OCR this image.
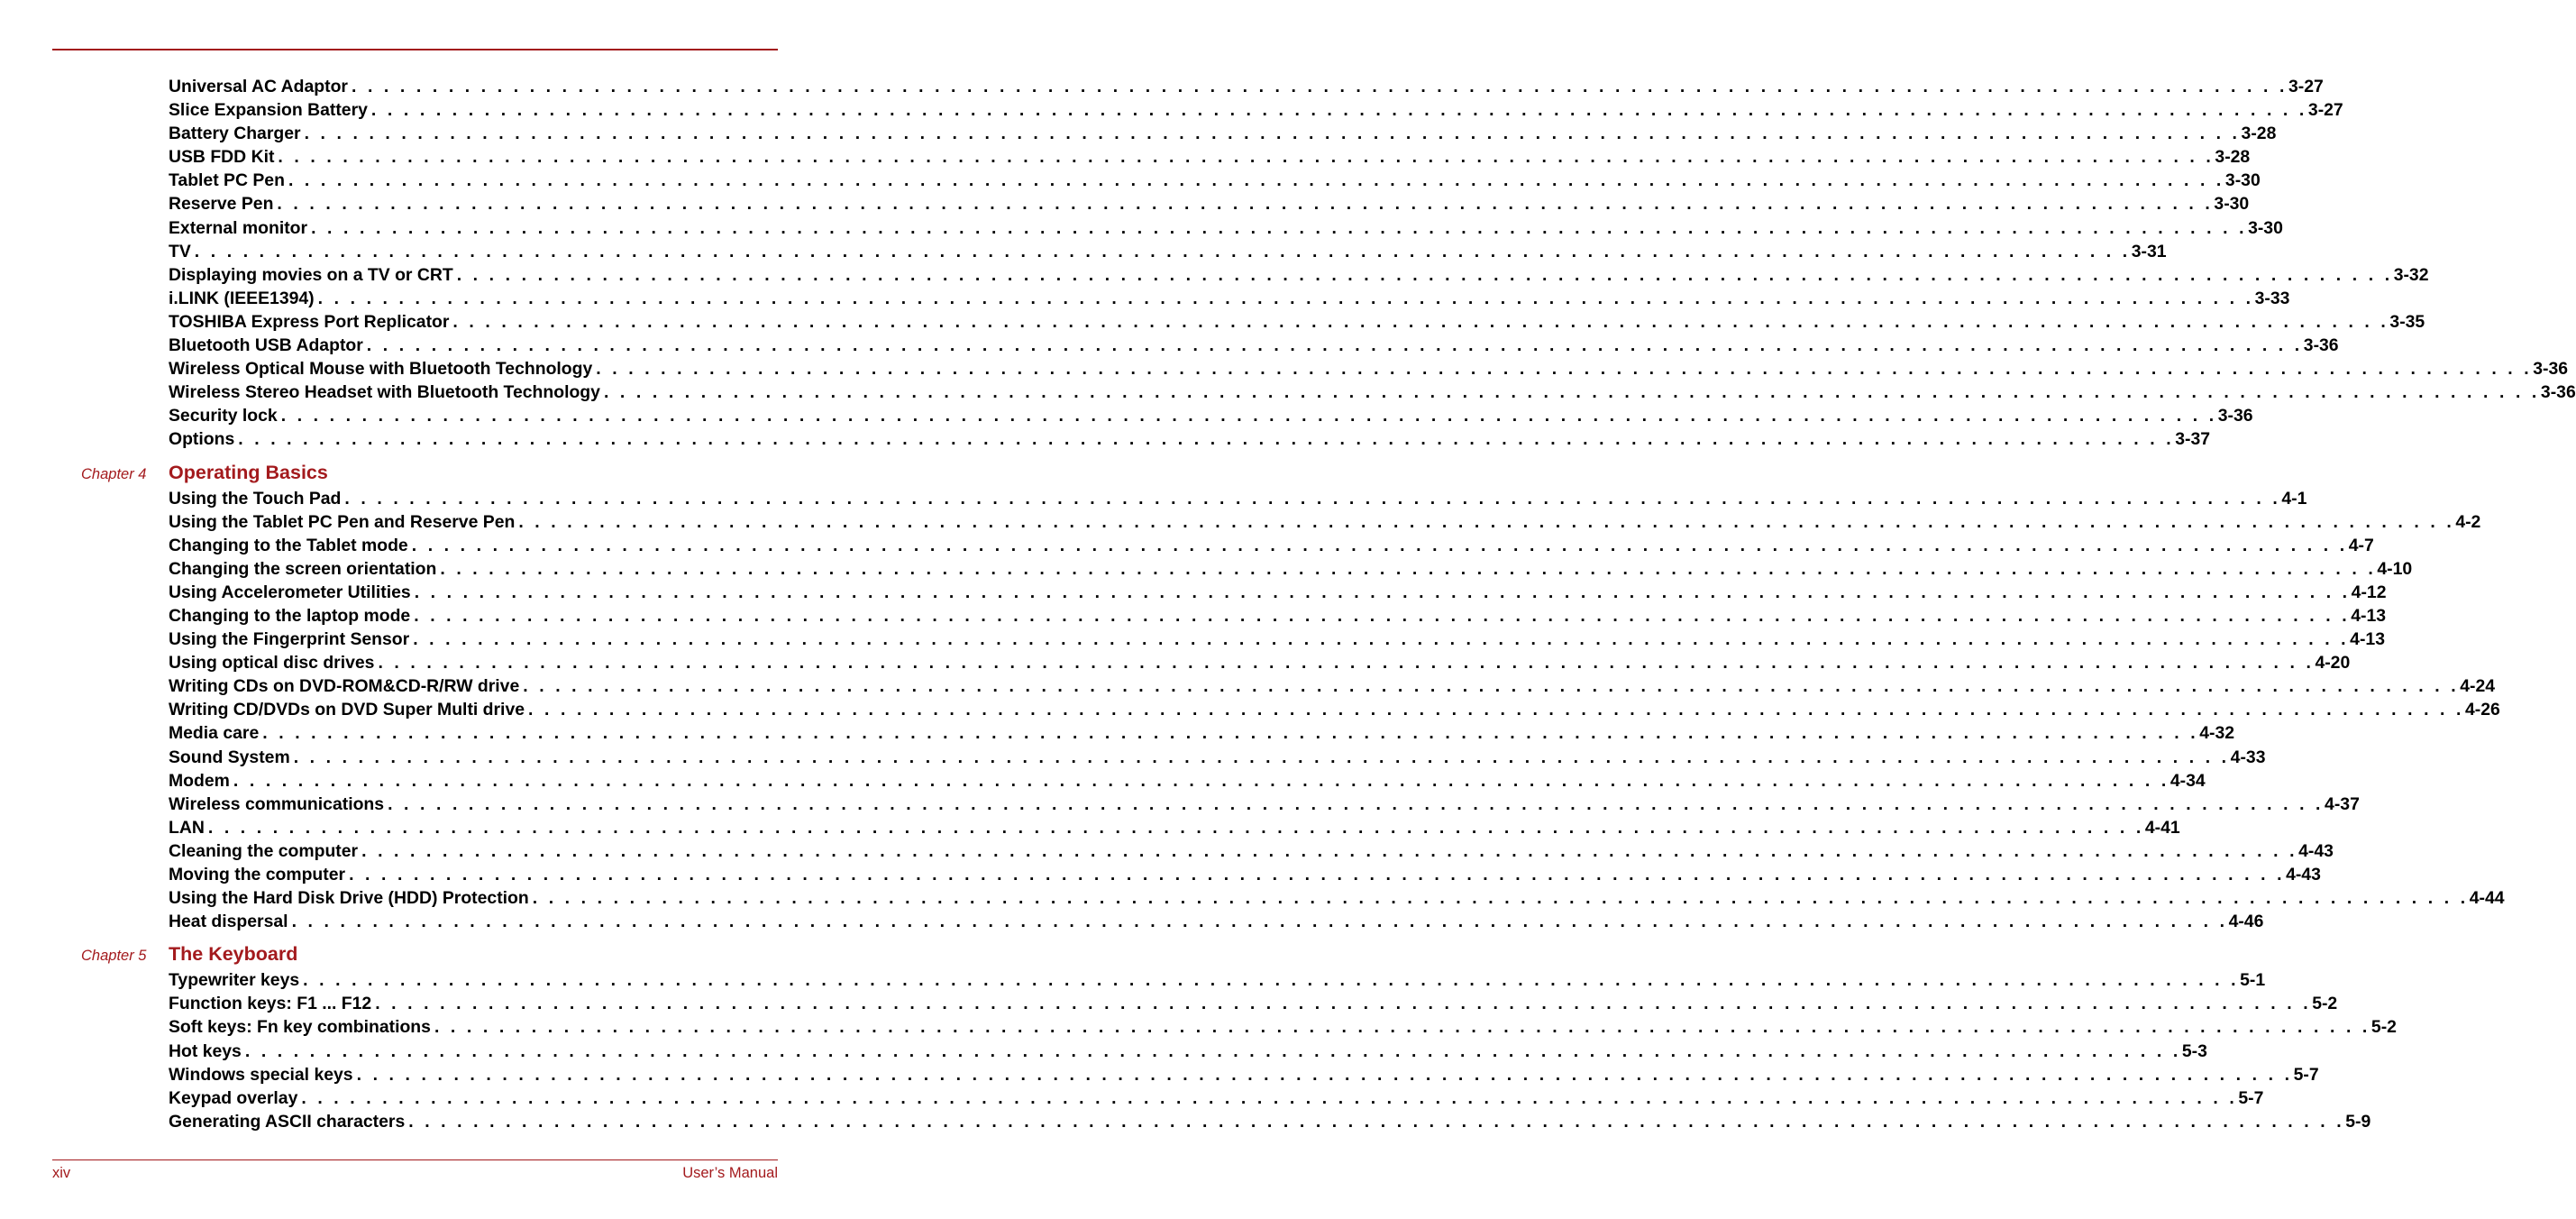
Universal AC Adaptor . . . . . . . . . . . . . . . . . . . . . . . . . . . . . . . . . . . . . . . . . . . . . . . . . . . . . . . . . . . . . . . . . . . . . . . . . . . . . . . . . . . . . . . . . . . . . . . . . . . . . . . . . . . . . . . . . . . . . . . . 3-27
Slice Expansion Battery . . . . . . . . . . . . . . . . . . . . . . . . . . . . . . . . . . . . . . . . . . . . . . . . . . . . . . . . . . . . . . . . . . . . . . . . . . . . . . . . . . . . . . . . . . . . . . . . . . . . . . . . . . . . . . . . . . . . . . . . 3-27
Battery Charger . . . . . . . . . . . . . . . . . . . . . . . . . . . . . . . . . . . . . . . . . . . . . . . . . . . . . . . . . . . . . . . . . . . . . . . . . . . . . . . . . . . . . . . . . . . . . . . . . . . . . . . . . . . . . . . . . . . . . . . . 3-28
USB FDD Kit . . . . . . . . . . . . . . . . . . . . . . . . . . . . . . . . . . . . . . . . . . . . . . . . . . . . . . . . . . . . . . . . . . . . . . . . . . . . . . . . . . . . . . . . . . . . . . . . . . . . . . . . . . . . . . . . . . . . . . . . 3-28
Tablet PC Pen . . . . . . . . . . . . . . . . . . . . . . . . . . . . . . . . . . . . . . . . . . . . . . . . . . . . . . . . . . . . . . . . . . . . . . . . . . . . . . . . . . . . . . . . . . . . . . . . . . . . . . . . . . . . . . . . . . . . . . . . 3-30
Reserve Pen . . . . . . . . . . . . . . . . . . . . . . . . . . . . . . . . . . . . . . . . . . . . . . . . . . . . . . . . . . . . . . . . . . . . . . . . . . . . . . . . . . . . . . . . . . . . . . . . . . . . . . . . . . . . . . . . . . . . . . . . 3-30
External monitor . . . . . . . . . . . . . . . . . . . . . . . . . . . . . . . . . . . . . . . . . . . . . . . . . . . . . . . . . . . . . . . . . . . . . . . . . . . . . . . . . . . . . . . . . . . . . . . . . . . . . . . . . . . . . . . . . . . . . . . . 3-30
TV . . . . . . . . . . . . . . . . . . . . . . . . . . . . . . . . . . . . . . . . . . . . . . . . . . . . . . . . . . . . . . . . . . . . . . . . . . . . . . . . . . . . . . . . . . . . . . . . . . . . . . . . . . . . . . . . . . . . . . . . 3-31
Displaying movies on a TV or CRT . . . . . . . . . . . . . . . . . . . . . . . . . . . . . . . . . . . . . . . . . . . . . . . . . . . . . . . . . . . . . . . . . . . . . . . . . . . . . . . . . . . . . . . . . . . . . . . . . . . . . . . . . . . . . . . . . . . . . . . . 3-32
i.LINK (IEEE1394) . . . . . . . . . . . . . . . . . . . . . . . . . . . . . . . . . . . . . . . . . . . . . . . . . . . . . . . . . . . . . . . . . . . . . . . . . . . . . . . . . . . . . . . . . . . . . . . . . . . . . . . . . . . . . . . . . . . . . . . . 3-33
TOSHIBA Express Port Replicator . . . . . . . . . . . . . . . . . . . . . . . . . . . . . . . . . . . . . . . . . . . . . . . . . . . . . . . . . . . . . . . . . . . . . . . . . . . . . . . . . . . . . . . . . . . . . . . . . . . . . . . . . . . . . . . . . . . . . . . . 3-35
Bluetooth USB Adaptor . . . . . . . . . . . . . . . . . . . . . . . . . . . . . . . . . . . . . . . . . . . . . . . . . . . . . . . . . . . . . . . . . . . . . . . . . . . . . . . . . . . . . . . . . . . . . . . . . . . . . . . . . . . . . . . . . . . . . . . . 3-36
Wireless Optical Mouse with Bluetooth Technology . . . . . . . . . . . . . . . . . . . . . . . . . . . . . . . . . . . . . . . . . . . . . . . . . . . . . . . . . . . . . . . . . . . . . . . . . . . . . . . . . . . . . . . . . . . . . . . . . . . . . . . . . . . . . . . . . . . . . . . . 3-36
Wireless Stereo Headset with Bluetooth Technology . . . . . . . . . . . . . . . . . . . . . . . . . . . . . . . . . . . . . . . . . . . . . . . . . . . . . . . . . . . . . . . . . . . . . . . . . . . . . . . . . . . . . . . . . . . . . . . . . . . . . . . . . . . . . . . . . . . . . . . . 3-36
Security lock . . . . . . . . . . . . . . . . . . . . . . . . . . . . . . . . . . . . . . . . . . . . . . . . . . . . . . . . . . . . . . . . . . . . . . . . . . . . . . . . . . . . . . . . . . . . . . . . . . . . . . . . . . . . . . . . . . . . . . . . 3-36
Options . . . . . . . . . . . . . . . . . . . . . . . . . . . . . . . . . . . . . . . . . . . . . . . . . . . . . . . . . . . . . . . . . . . . . . . . . . . . . . . . . . . . . . . . . . . . . . . . . . . . . . . . . . . . . . . . . . . . . . . . 3-37
Chapter 4 Operating Basics
Using the Touch Pad . . . . . . . . . . . . . . . . . . . . . . . . . . . . . . . . . . . . . . . . . . . . . . . . . . . . . . . . . . . . . . . . . . . . . . . . . . . . . . . . . . . . . . . . . . . . . . . . . . . . . . . . . . . . . . . . . . . . . . . . 4-1
Using the Tablet PC Pen and Reserve Pen . . . . . . . . . . . . . . . . . . . . . . . . . . . . . . . . . . . . . . . . . . . . . . . . . . . . . . . . . . . . . . . . . . . . . . . . . . . . . . . . . . . . . . . . . . . . . . . . . . . . . . . . . . . . . . . . . . . . . . . . 4-2
Changing to the Tablet mode . . . . . . . . . . . . . . . . . . . . . . . . . . . . . . . . . . . . . . . . . . . . . . . . . . . . . . . . . . . . . . . . . . . . . . . . . . . . . . . . . . . . . . . . . . . . . . . . . . . . . . . . . . . . . . . . . . . . . . . . 4-7
Changing the screen orientation . . . . . . . . . . . . . . . . . . . . . . . . . . . . . . . . . . . . . . . . . . . . . . . . . . . . . . . . . . . . . . . . . . . . . . . . . . . . . . . . . . . . . . . . . . . . . . . . . . . . . . . . . . . . . . . . . . . . . . . . 4-10
Using Accelerometer Utilities . . . . . . . . . . . . . . . . . . . . . . . . . . . . . . . . . . . . . . . . . . . . . . . . . . . . . . . . . . . . . . . . . . . . . . . . . . . . . . . . . . . . . . . . . . . . . . . . . . . . . . . . . . . . . . . . . . . . . . . . 4-12
Changing to the laptop mode . . . . . . . . . . . . . . . . . . . . . . . . . . . . . . . . . . . . . . . . . . . . . . . . . . . . . . . . . . . . . . . . . . . . . . . . . . . . . . . . . . . . . . . . . . . . . . . . . . . . . . . . . . . . . . . . . . . . . . . . 4-13
Using the Fingerprint Sensor . . . . . . . . . . . . . . . . . . . . . . . . . . . . . . . . . . . . . . . . . . . . . . . . . . . . . . . . . . . . . . . . . . . . . . . . . . . . . . . . . . . . . . . . . . . . . . . . . . . . . . . . . . . . . . . . . . . . . . . . 4-13
Using optical disc drives . . . . . . . . . . . . . . . . . . . . . . . . . . . . . . . . . . . . . . . . . . . . . . . . . . . . . . . . . . . . . . . . . . . . . . . . . . . . . . . . . . . . . . . . . . . . . . . . . . . . . . . . . . . . . . . . . . . . . . . . 4-20
Writing CDs on DVD-ROM&CD-R/RW drive . . . . . . . . . . . . . . . . . . . . . . . . . . . . . . . . . . . . . . . . . . . . . . . . . . . . . . . . . . . . . . . . . . . . . . . . . . . . . . . . . . . . . . . . . . . . . . . . . . . . . . . . . . . . . . . . . . . . . . . . 4-24
Writing CD/DVDs on DVD Super Multi drive . . . . . . . . . . . . . . . . . . . . . . . . . . . . . . . . . . . . . . . . . . . . . . . . . . . . . . . . . . . . . . . . . . . . . . . . . . . . . . . . . . . . . . . . . . . . . . . . . . . . . . . . . . . . . . . . . . . . . . . . 4-26
Media care . . . . . . . . . . . . . . . . . . . . . . . . . . . . . . . . . . . . . . . . . . . . . . . . . . . . . . . . . . . . . . . . . . . . . . . . . . . . . . . . . . . . . . . . . . . . . . . . . . . . . . . . . . . . . . . . . . . . . . . . 4-32
Sound System . . . . . . . . . . . . . . . . . . . . . . . . . . . . . . . . . . . . . . . . . . . . . . . . . . . . . . . . . . . . . . . . . . . . . . . . . . . . . . . . . . . . . . . . . . . . . . . . . . . . . . . . . . . . . . . . . . . . . . . . 4-33
Modem . . . . . . . . . . . . . . . . . . . . . . . . . . . . . . . . . . . . . . . . . . . . . . . . . . . . . . . . . . . . . . . . . . . . . . . . . . . . . . . . . . . . . . . . . . . . . . . . . . . . . . . . . . . . . . . . . . . . . . . . 4-34
Wireless communications . . . . . . . . . . . . . . . . . . . . . . . . . . . . . . . . . . . . . . . . . . . . . . . . . . . . . . . . . . . . . . . . . . . . . . . . . . . . . . . . . . . . . . . . . . . . . . . . . . . . . . . . . . . . . . . . . . . . . . . . 4-37
LAN . . . . . . . . . . . . . . . . . . . . . . . . . . . . . . . . . . . . . . . . . . . . . . . . . . . . . . . . . . . . . . . . . . . . . . . . . . . . . . . . . . . . . . . . . . . . . . . . . . . . . . . . . . . . . . . . . . . . . . . . 4-41
Cleaning the computer . . . . . . . . . . . . . . . . . . . . . . . . . . . . . . . . . . . . . . . . . . . . . . . . . . . . . . . . . . . . . . . . . . . . . . . . . . . . . . . . . . . . . . . . . . . . . . . . . . . . . . . . . . . . . . . . . . . . . . . . 4-43
Moving the computer . . . . . . . . . . . . . . . . . . . . . . . . . . . . . . . . . . . . . . . . . . . . . . . . . . . . . . . . . . . . . . . . . . . . . . . . . . . . . . . . . . . . . . . . . . . . . . . . . . . . . . . . . . . . . . . . . . . . . . . . 4-43
Using the Hard Disk Drive (HDD) Protection . . . . . . . . . . . . . . . . . . . . . . . . . . . . . . . . . . . . . . . . . . . . . . . . . . . . . . . . . . . . . . . . . . . . . . . . . . . . . . . . . . . . . . . . . . . . . . . . . . . . . . . . . . . . . . . . . . . . . . . . 4-44
Heat dispersal . . . . . . . . . . . . . . . . . . . . . . . . . . . . . . . . . . . . . . . . . . . . . . . . . . . . . . . . . . . . . . . . . . . . . . . . . . . . . . . . . . . . . . . . . . . . . . . . . . . . . . . . . . . . . . . . . . . . . . . . 4-46
Chapter 5 The Keyboard
Typewriter keys . . . . . . . . . . . . . . . . . . . . . . . . . . . . . . . . . . . . . . . . . . . . . . . . . . . . . . . . . . . . . . . . . . . . . . . . . . . . . . . . . . . . . . . . . . . . . . . . . . . . . . . . . . . . . . . . . . . . . . . . 5-1
Function keys: F1 ... F12 . . . . . . . . . . . . . . . . . . . . . . . . . . . . . . . . . . . . . . . . . . . . . . . . . . . . . . . . . . . . . . . . . . . . . . . . . . . . . . . . . . . . . . . . . . . . . . . . . . . . . . . . . . . . . . . . . . . . . . . . 5-2
Soft keys: Fn key combinations . . . . . . . . . . . . . . . . . . . . . . . . . . . . . . . . . . . . . . . . . . . . . . . . . . . . . . . . . . . . . . . . . . . . . . . . . . . . . . . . . . . . . . . . . . . . . . . . . . . . . . . . . . . . . . . . . . . . . . . . 5-2
Hot keys . . . . . . . . . . . . . . . . . . . . . . . . . . . . . . . . . . . . . . . . . . . . . . . . . . . . . . . . . . . . . . . . . . . . . . . . . . . . . . . . . . . . . . . . . . . . . . . . . . . . . . . . . . . . . . . . . . . . . . . . 5-3
Windows special keys . . . . . . . . . . . . . . . . . . . . . . . . . . . . . . . . . . . . . . . . . . . . . . . . . . . . . . . . . . . . . . . . . . . . . . . . . . . . . . . . . . . . . . . . . . . . . . . . . . . . . . . . . . . . . . . . . . . . . . . . 5-7
Keypad overlay . . . . . . . . . . . . . . . . . . . . . . . . . . . . . . . . . . . . . . . . . . . . . . . . . . . . . . . . . . . . . . . . . . . . . . . . . . . . . . . . . . . . . . . . . . . . . . . . . . . . . . . . . . . . . . . . . . . . . . . . 5-7
Generating ASCII characters . . . . . . . . . . . . . . . . . . . . . . . . . . . . . . . . . . . . . . . . . . . . . . . . . . . . . . . . . . . . . . . . . . . . . . . . . . . . . . . . . . . . . . . . . . . . . . . . . . . . . . . . . . . . . . . . . . . . . . . . 5-9
xiv	User’s Manual
